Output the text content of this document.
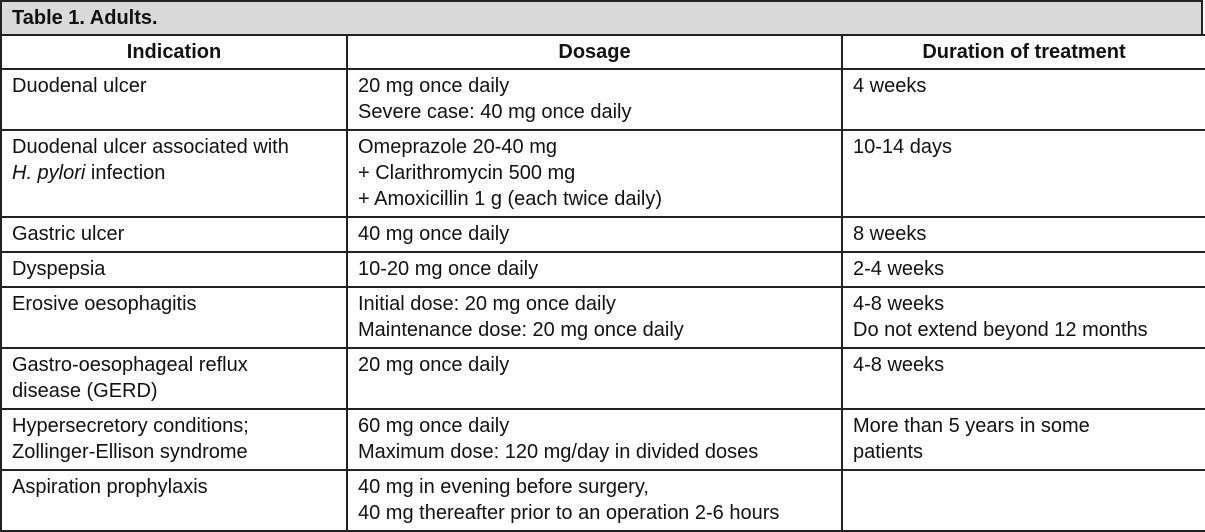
Table 1. Adults.
Indication	Dosage	Duration of treatment

Duodenal ulcer	20 mg once daily
Severe case: 40 mg once daily	4 weeks

Duodenal ulcer associated with
H. pylori infection	Omeprazole 20-40 mg
+ Clarithromycin 500 mg
+ Amoxicillin 1 g (each twice daily)	10-14 days

Gastric ulcer	40 mg once daily	8 weeks

Dyspepsia	10-20 mg once daily	2-4 weeks

Erosive oesophagitis	Initial dose: 20 mg once daily
Maintenance dose: 20 mg once daily	4-8 weeks
Do not extend beyond 12 months

Gastro-oesophageal reflux
disease (GERD)	20 mg once daily	4-8 weeks

Hypersecretory conditions;
Zollinger-Ellison syndrome	60 mg once daily
Maximum dose: 120 mg/day in divided doses	More than 5 years in some
patients

Aspiration prophylaxis	40 mg in evening before surgery,
40 mg thereafter prior to an operation 2-6 hours	
